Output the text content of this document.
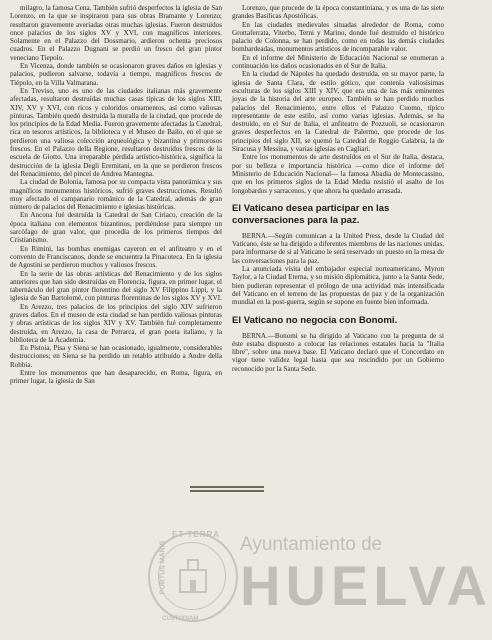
milagro, la famosa Cena. También sufrió desperfectos la iglesia de San Lorenzo, en la que se inspiraron para sus obras Bramante y Lorenzo; resultaron gravemente averiadas otras muchas iglesias. Fueron destruídos once palacios de los siglos XV y XVI, con magníficos interiores. Solamente en el Palazzo del Dossmario, ardieron ochenta preciosos cuadros. En el Palazzo Dugnani se perdió un fresco del gran pintor veneciano Tiepolo.

En Vicenza, donde también se ocasionaron graves daños en iglesias y palacios, pudieron salvarse, todavía a tiempo, magníficos frescos de Tiépolo, en la Villa Valmarana.

En Treviso, uno es uno de las ciudades italianas más gravemente afectadas, resultaron destruídas muchas casas típicas de los siglos XIII, XIV, XV y XVI, con ricos y coloridos ornamentos, así como valiosas pinturas. También quedó destruída la muralla de la ciudad, que procede de los principios de la Edad Media. Fueron gravemente afectadas la Catedral, rica en tesoros artísticos, la biblioteca y el Museo de Bailo, en el que se perdieron una valiosa colección arqueológica y bizantina y primorosos frescos. En el Palazzo della Regione, resultaron destruídos frescos de la escuela de Giotto. Una irreparable pérdida artístico-histórica, significa la destrucción de la iglesia Degli Eremitani, en la que se perdieron frescos del Renacimiento, del pincel de Andrea Mantegna.

La ciudad de Bolonia, famosa por su compacta vista panorámica y sus magníficos monumentos históricos, sufrió graves destrucciones. Resultó muy afectado el campanario románico de la Catedral, además de gran número de palacios del Renacimiento e iglesias históricas.

En Ancona fué destruída la Catedral de San Ciriaco, creación de la época italiana con elementos bizantinos, perdiéndose para siempre un sarcófago de gran valor, que procedía de los primeros tiempos del Cristianismo.

En Rimini, las bombas enemigas cayeron en el anfiteatro y en el convento de Franciscanos, donde se encuentra la Pinacoteca. En la iglesia de Agostini se perdieron muchos y valiosos frescos.

En la serie de las obras artísticas del Renacimiento y de los siglos anteriores que han sido destruídas en Florencia, figura, en primer lugar, el tabernáculo del gran pintor florentino del siglo XV Filippino Lippi, y la iglesia de San Bartolomé, con pinturas florentinas de los siglos XV y XVI.

En Arezzo, tres palacios de los principios del siglo XIV sufrieron graves daños. En el museo de esta ciudad se han perdido valiosas pinturas y obras artísticas de los siglos XIV y XV. También fué completamente destruída, en Arezzo, la casa de Petrarca, el gran poeta italiano, y la biblioteca de la Academia.

En Pistoia, Pisa y Siena se han ocasionado, igualmente, considerables destrucciones; en Siena se ha perdido un retablo atribuído a Andre della Robbia.

Entre los monumentos que han desaparecido, en Roma, figura, en primer lugar, la iglesia de San

Lorenzo, que procede de la época constantiniana, y es una de las siete grandes Basílicas Apostólicas.

En las ciudades medievales situadas alrededor de Roma, como Grottaferrata, Viterbo, Terni y Marino, donde fué destruído el histórico palacio de Colonna, se han perdido, como en todas las demás ciudades bombardeadas, monumentos artísticos de incomparable valor.

En el informe del Ministerio de Educación Nacional se enumeran a continuación los daños ocasionados en el Sur de Italia.

En la ciudad de Nápoles ha quedado destruída, en su mayor parte, la iglesia de Santa Clara, de estilo gótico, que contenía valiosísimas esculturas de los siglos XIII y XIV, que era una de las más eminentes joyas de la historia del arte europeo. También se han perdido muchos palacios del Renacimiento, entre ellos el Palazzo Cuomo, típico representante de este estilo, así como varias iglesias. Además, se ha destruído, en el Sur de Italia, el anfiteatro de Pozzuoli, se ocasionaron graves desperfectos en la Catedral de Palermo, que procede de los principios del siglo XII, se quemó la Catedral de Reggio Calabria, la de Siracusa y Messina, y varias iglesias en Cagliari.

Entre los monumentos de arte destruídos en el Sur de Italia, destaca, por su belleza e importancia histórica —como dice el informe del Ministerio de Educación Nacional— la famosa Abadía de Montecassino, que en los primeros siglos de la Edad Media resistió el asalto de los longobardos y sarracenos, y que ahora ha quedado arrasada.

El Vaticano desea participar en las conversaciones para la paz.

BERNA.—Según comunican a la United Press, desde la Ciudad del Vaticano, éste se ha dirigido a diferentes miembros de las naciones unidas, para informarse de si al Vaticano le será reservado un puesto en la mesa de las conversaciones para la paz.

La anunciada visita del embajador especial norteamericano, Myron Taylor, a la Ciudad Eterna, y su misión diplomática, junto a la Santa Sede, bien pudieran representar el prólogo de una actividad más intensificada del Vaticano en el terreno de las propuestas de paz y de la organización mundial en la post-guerra, según se supone en fuente bien informada.

El Vaticano no negocia con Bonomi.

BERNA.—Bonomi se ha dirigido al Vaticano con la pregunta de si éste estaba dispuesto a colocar las relaciones estatales hacia la "Italia libre", sobre una nueva base. El Vaticano declaró que el Concordato en vigor tiene validez legal hasta que sea rescindido por un Gobierno reconocido por la Santa Sede.

ET TERRA
PORTUS MARIS
CUSTODIAM
Ayuntamiento de
HUELVA
